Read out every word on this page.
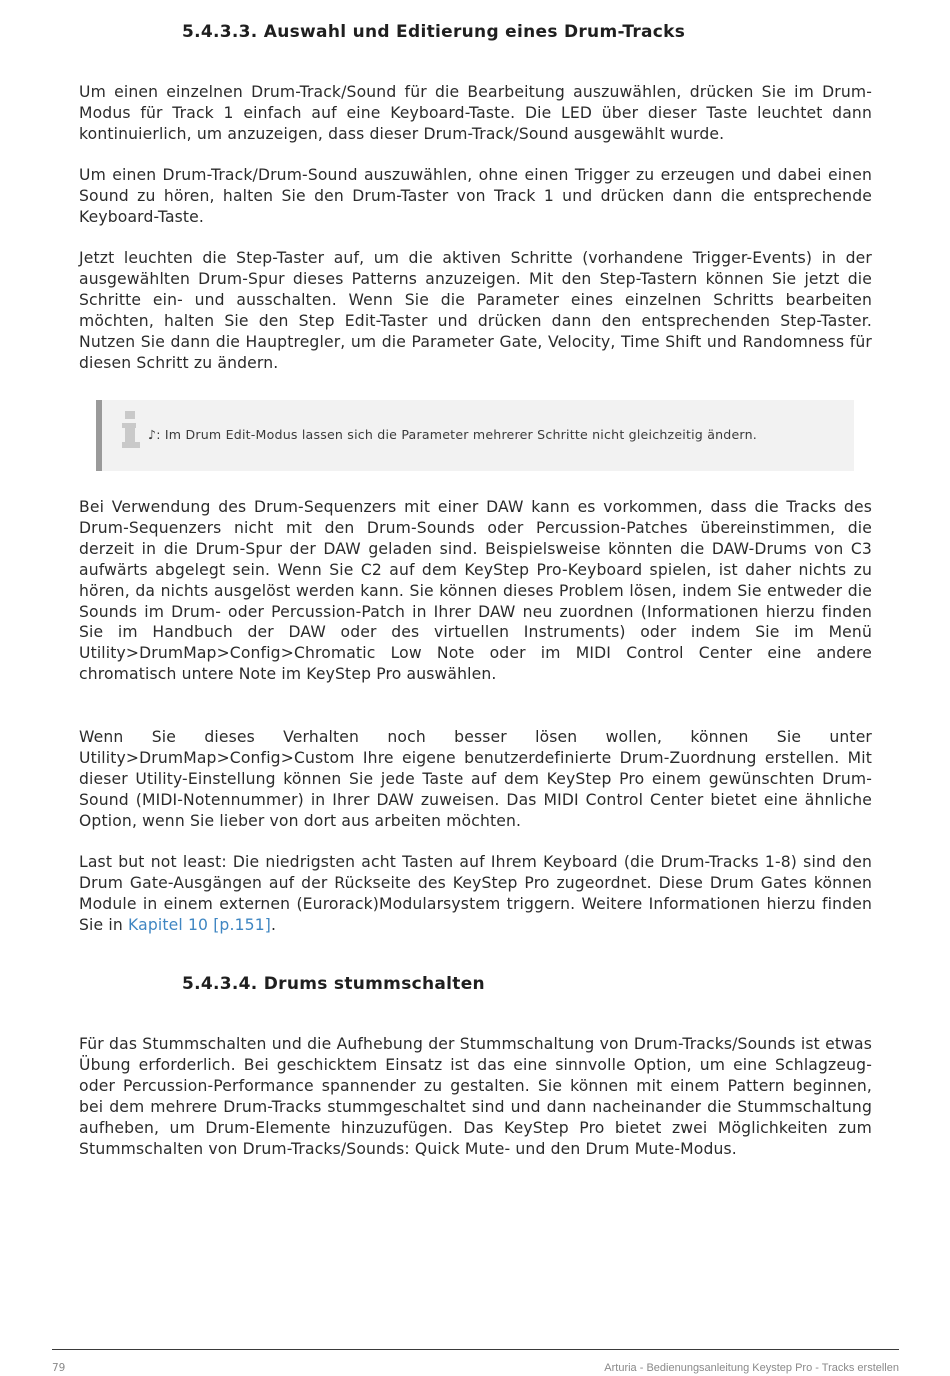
5.4.3.3. Auswahl und Editierung eines Drum-Tracks

Um einen einzelnen Drum-Track/Sound für die Bearbeitung auszuwählen, drücken Sie im Drum-Modus für Track 1 einfach auf eine Keyboard-Taste. Die LED über dieser Taste leuchtet dann kontinuierlich, um anzuzeigen, dass dieser Drum-Track/Sound ausgewählt wurde.

Um einen Drum-Track/Drum-Sound auszuwählen, ohne einen Trigger zu erzeugen und dabei einen Sound zu hören, halten Sie den Drum-Taster von Track 1 und drücken dann die entsprechende Keyboard-Taste.

Jetzt leuchten die Step-Taster auf, um die aktiven Schritte (vorhandene Trigger-Events) in der ausgewählten Drum-Spur dieses Patterns anzuzeigen. Mit den Step-Tastern können Sie jetzt die Schritte ein- und ausschalten. Wenn Sie die Parameter eines einzelnen Schritts bearbeiten möchten, halten Sie den Step Edit-Taster und drücken dann den entsprechenden Step-Taster. Nutzen Sie dann die Hauptregler, um die Parameter Gate, Velocity, Time Shift und Randomness für diesen Schritt zu ändern.

♪: Im Drum Edit-Modus lassen sich die Parameter mehrerer Schritte nicht gleichzeitig ändern.

Bei Verwendung des Drum-Sequenzers mit einer DAW kann es vorkommen, dass die Tracks des Drum-Sequenzers nicht mit den Drum-Sounds oder Percussion-Patches übereinstimmen, die derzeit in die Drum-Spur der DAW geladen sind. Beispielsweise könnten die DAW-Drums von C3 aufwärts abgelegt sein. Wenn Sie C2 auf dem KeyStep Pro-Keyboard spielen, ist daher nichts zu hören, da nichts ausgelöst werden kann. Sie können dieses Problem lösen, indem Sie entweder die Sounds im Drum- oder Percussion-Patch in Ihrer DAW neu zuordnen (Informationen hierzu finden Sie im Handbuch der DAW oder des virtuellen Instruments) oder indem Sie im Menü Utility>DrumMap>Config>Chromatic Low Note oder im MIDI Control Center eine andere chromatisch untere Note im KeyStep Pro auswählen.

Wenn Sie dieses Verhalten noch besser lösen wollen, können Sie unter Utility>DrumMap>Config>Custom Ihre eigene benutzerdefinierte Drum-Zuordnung erstellen. Mit dieser Utility-Einstellung können Sie jede Taste auf dem KeyStep Pro einem gewünschten Drum-Sound (MIDI-Notennummer) in Ihrer DAW zuweisen. Das MIDI Control Center bietet eine ähnliche Option, wenn Sie lieber von dort aus arbeiten möchten.

Last but not least: Die niedrigsten acht Tasten auf Ihrem Keyboard (die Drum-Tracks 1-8) sind den Drum Gate-Ausgängen auf der Rückseite des KeyStep Pro zugeordnet. Diese Drum Gates können Module in einem externen (Eurorack)Modularsystem triggern. Weitere Informationen hierzu finden Sie in Kapitel 10 [p.151].

5.4.3.4. Drums stummschalten

Für das Stummschalten und die Aufhebung der Stummschaltung von Drum-Tracks/Sounds ist etwas Übung erforderlich. Bei geschicktem Einsatz ist das eine sinnvolle Option, um eine Schlagzeug- oder Percussion-Performance spannender zu gestalten. Sie können mit einem Pattern beginnen, bei dem mehrere Drum-Tracks stummgeschaltet sind und dann nacheinander die Stummschaltung aufheben, um Drum-Elemente hinzuzufügen. Das KeyStep Pro bietet zwei Möglichkeiten zum Stummschalten von Drum-Tracks/Sounds: Quick Mute- und den Drum Mute-Modus.

79	Arturia - Bedienungsanleitung Keystep Pro - Tracks erstellen
